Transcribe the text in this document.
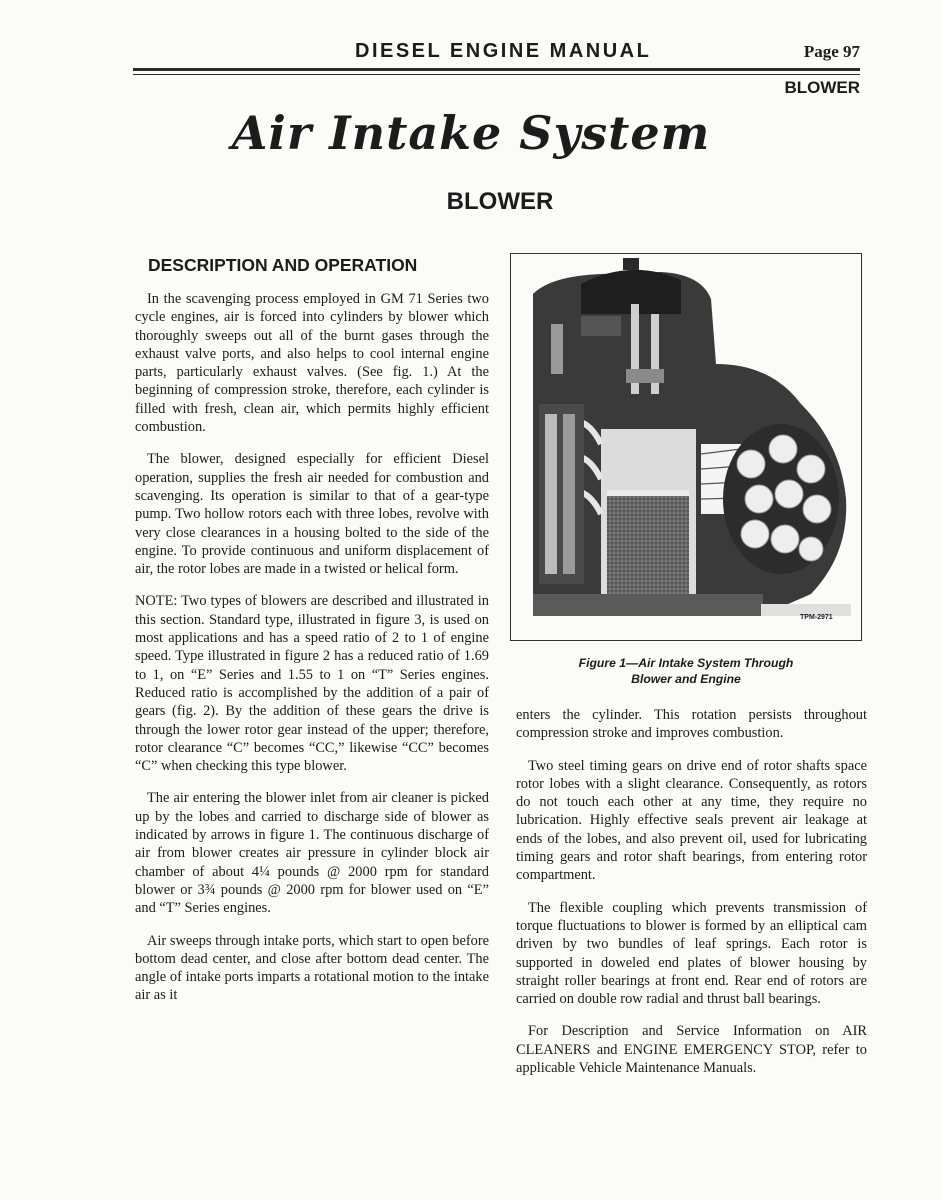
DIESEL ENGINE MANUAL	Page 97
BLOWER
Air Intake System
BLOWER
DESCRIPTION AND OPERATION

In the scavenging process employed in GM 71 Series two cycle engines, air is forced into cylinders by blower which thoroughly sweeps out all of the burnt gases through the exhaust valve ports, and also helps to cool internal engine parts, particularly exhaust valves. (See fig. 1.) At the beginning of compression stroke, therefore, each cylinder is filled with fresh, clean air, which permits highly efficient combustion.

The blower, designed especially for efficient Diesel operation, supplies the fresh air needed for combustion and scavenging. Its operation is similar to that of a gear-type pump. Two hollow rotors each with three lobes, revolve with very close clearances in a housing bolted to the side of the engine. To provide continuous and uniform displacement of air, the rotor lobes are made in a twisted or helical form.

NOTE: Two types of blowers are described and illustrated in this section. Standard type, illustrated in figure 3, is used on most applications and has a speed ratio of 2 to 1 of engine speed. Type illustrated in figure 2 has a reduced ratio of 1.69 to 1, on “E” Series and 1.55 to 1 on “T” Series engines. Reduced ratio is accomplished by the addition of a pair of gears (fig. 2). By the addition of these gears the drive is through the lower rotor gear instead of the upper; therefore, rotor clearance “C” becomes “CC,” likewise “CC” becomes “C” when checking this type blower.

The air entering the blower inlet from air cleaner is picked up by the lobes and carried to discharge side of blower as indicated by arrows in figure 1. The continuous discharge of air from blower creates air pressure in cylinder block air chamber of about 4¼ pounds @ 2000 rpm for standard blower or 3¾ pounds @ 2000 rpm for blower used on “E” and “T” Series engines.

Air sweeps through intake ports, which start to open before bottom dead center, and close after bottom dead center. The angle of intake ports imparts a rotational motion to the intake air as it

TPM-2971
Figure 1—Air Intake System Through
Blower and Engine

enters the cylinder. This rotation persists throughout compression stroke and improves combustion.

Two steel timing gears on drive end of rotor shafts space rotor lobes with a slight clearance. Consequently, as rotors do not touch each other at any time, they require no lubrication. Highly effective seals prevent air leakage at ends of the lobes, and also prevent oil, used for lubricating timing gears and rotor shaft bearings, from entering rotor compartment.

The flexible coupling which prevents transmission of torque fluctuations to blower is formed by an elliptical cam driven by two bundles of leaf springs. Each rotor is supported in doweled end plates of blower housing by straight roller bearings at front end. Rear end of rotors are carried on double row radial and thrust ball bearings.

For Description and Service Information on AIR CLEANERS and ENGINE EMERGENCY STOP, refer to applicable Vehicle Maintenance Manuals.
